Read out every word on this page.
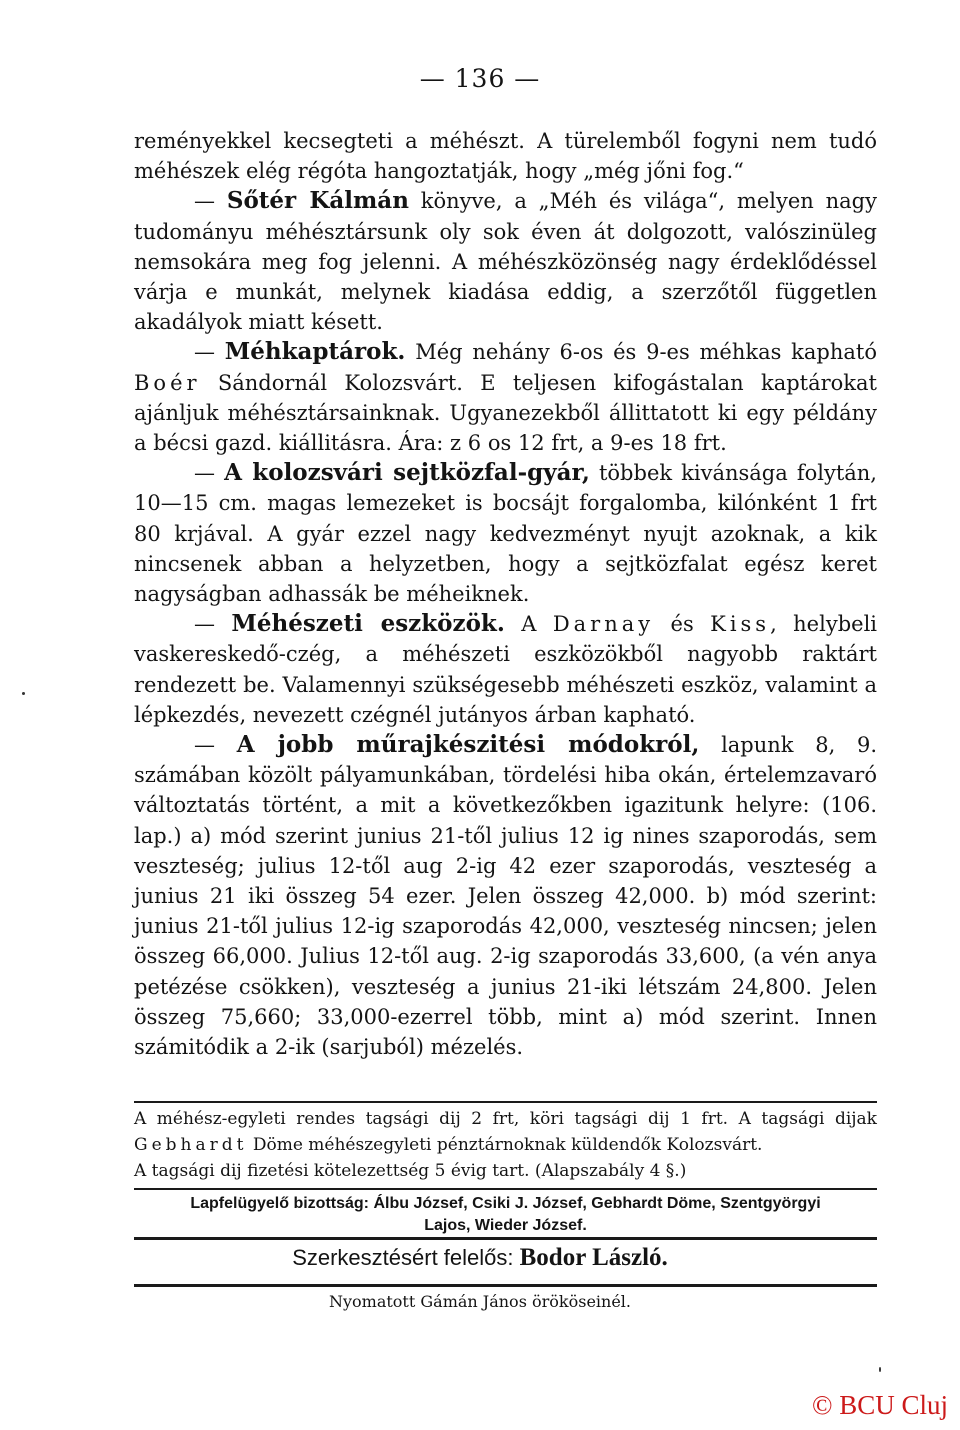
— 136 —

reményekkel kecsegteti a méhészt. A türelemből fogyni nem tudó méhészek elég régóta hangoztatják, hogy „még jőni fog.“

— Sőtér Kálmán könyve, a „Méh és világa“, melyen nagy tudományu méhésztársunk oly sok éven át dolgozott, valószinüleg nemsokára meg fog jelenni. A méhészközönség nagy érdeklődéssel várja e munkát, melynek kiadása eddig, a szerzőtől független akadályok miatt késett.

— Méhkaptárok. Még nehány 6-os és 9-es méhkas kapható Boér Sándornál Kolozsvárt. E teljesen kifogástalan kaptárokat ajánljuk méhésztársainknak. Ugyanezekből állittatott ki egy példány a bécsi gazd. kiállitásra. Ára: z 6 os 12 frt, a 9-es 18 frt.

— A kolozsvári sejtközfal-gyár, többek kivánsága folytán, 10—15 cm. magas lemezeket is bocsájt forgalomba, kilónként 1 frt 80 krjával. A gyár ezzel nagy kedvezményt nyujt azoknak, a kik nincsenek abban a helyzetben, hogy a sejtközfalat egész keret nagyságban adhassák be méheiknek.

— Méhészeti eszközök. A Darnay és Kiss, helybeli vaskereskedő-czég, a méhészeti eszközökből nagyobb raktárt rendezett be. Valamennyi szükségesebb méhészeti eszköz, valamint a lépkezdés, nevezett czégnél jutányos árban kapható.

— A jobb műrajkészitési módokról, lapunk 8, 9. számában közölt pályamunkában, tördelési hiba okán, értelemzavaró változtatás történt, a mit a következőkben igazitunk helyre: (106. lap.) a) mód szerint junius 21-től julius 12 ig nines szaporodás, sem veszteség; julius 12-től aug 2-ig 42 ezer szaporodás, veszteség a junius 21 iki összeg 54 ezer. Jelen összeg 42,000. b) mód szerint: junius 21-től julius 12-ig szaporodás 42,000, veszteség nincsen; jelen összeg 66,000. Julius 12-től aug. 2-ig szaporodás 33,600, (a vén anya petézése csökken), veszteség a junius 21-iki létszám 24,800. Jelen összeg 75,660; 33,000-ezerrel több, mint a) mód szerint. Innen számitódik a 2-ik (sarjuból) mézelés.

A méhész-egyleti rendes tagsági dij 2 frt, köri tagsági dij 1 frt. A tagsági dijak Gebhardt Döme méhészegyleti pénztárnoknak küldendők Kolozsvárt.

A tagsági dij fizetési kötelezettség 5 évig tart. (Alapszabály 4 §.)

Lapfelügyelő bizottság: Álbu József, Csiki J. József, Gebhardt Döme, Szentgyörgyi
Lajos, Wieder József.
Szerkesztésért felelős: Bodor László.
Nyomatott Gámán János örököseinél.
© BCU Cluj
